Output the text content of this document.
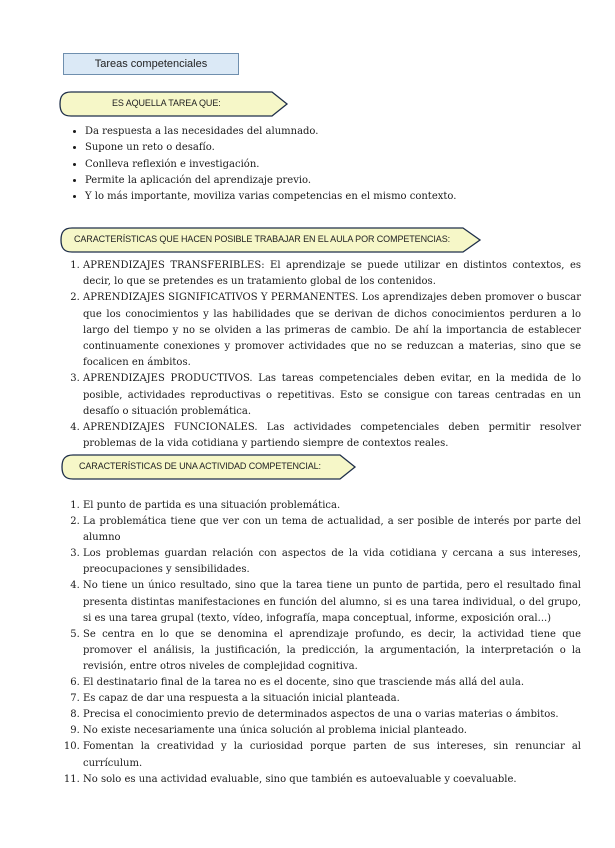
Tareas competenciales
ES AQUELLA TAREA QUE:
• Da respuesta a las necesidades del alumnado.
• Supone un reto o desafío.
• Conlleva reflexión e investigación.
• Permite la aplicación del aprendizaje previo.
• Y lo más importante, moviliza varias competencias en el mismo contexto.
CARACTERÍSTICAS QUE HACEN POSIBLE TRABAJAR EN EL AULA POR COMPETENCIAS:
1. APRENDIZAJES TRANSFERIBLES: El aprendizaje se puede utilizar en distintos contextos, es decir, lo que se pretendes es un tratamiento global de los contenidos.
2. APRENDIZAJES SIGNIFICATIVOS Y PERMANENTES. Los aprendizajes deben promover o buscar que los conocimientos y las habilidades que se derivan de dichos conocimientos perduren a lo largo del tiempo y no se olviden a las primeras de cambio. De ahí la importancia de establecer continuamente conexiones y promover actividades que no se reduzcan a materias, sino que se focalicen en ámbitos.
3. APRENDIZAJES PRODUCTIVOS. Las tareas competenciales deben evitar, en la medida de lo posible, actividades reproductivas o repetitivas. Esto se consigue con tareas centradas en un desafío o situación problemática.
4. APRENDIZAJES FUNCIONALES. Las actividades competenciales deben permitir resolver problemas de la vida cotidiana y partiendo siempre de contextos reales.
CARACTERÍSTICAS DE UNA ACTIVIDAD COMPETENCIAL:
1. El punto de partida es una situación problemática.
2. La problemática tiene que ver con un tema de actualidad, a ser posible de interés por parte del alumno
3. Los problemas guardan relación con aspectos de la vida cotidiana y cercana a sus intereses, preocupaciones y sensibilidades.
4. No tiene un único resultado, sino que la tarea tiene un punto de partida, pero el resultado final presenta distintas manifestaciones en función del alumno, si es una tarea individual, o del grupo, si es una tarea grupal (texto, vídeo, infografía, mapa conceptual, informe, exposición oral...)
5. Se centra en lo que se denomina el aprendizaje profundo, es decir, la actividad tiene que promover el análisis, la justificación, la predicción, la argumentación, la interpretación o la revisión, entre otros niveles de complejidad cognitiva.
6. El destinatario final de la tarea no es el docente, sino que trasciende más allá del aula.
7. Es capaz de dar una respuesta a la situación inicial planteada.
8. Precisa el conocimiento previo de determinados aspectos de una o varias materias o ámbitos.
9. No existe necesariamente una única solución al problema inicial planteado.
10. Fomentan la creatividad y la curiosidad porque parten de sus intereses, sin renunciar al currículum.
11. No solo es una actividad evaluable, sino que también es autoevaluable y coevaluable.
